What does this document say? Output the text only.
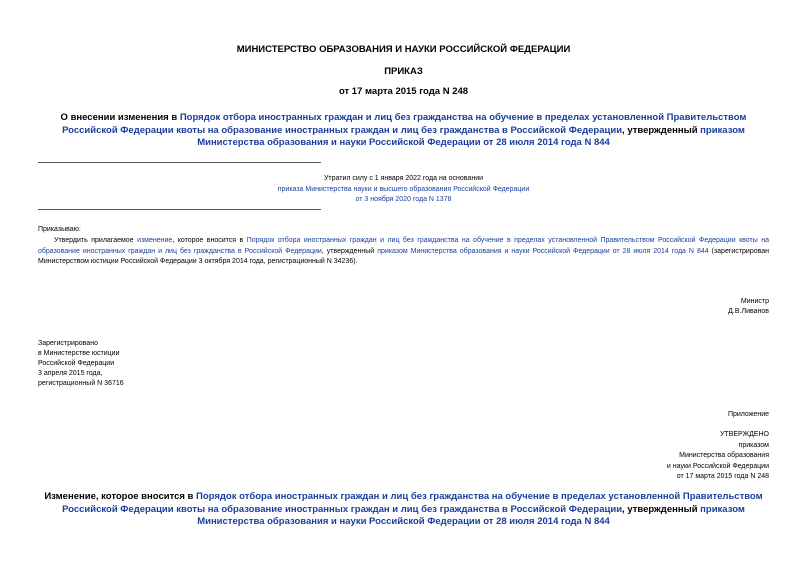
МИНИСТЕРСТВО ОБРАЗОВАНИЯ И НАУКИ РОССИЙСКОЙ ФЕДЕРАЦИИ
ПРИКАЗ
от 17 марта 2015 года N 248
О внесении изменения в Порядок отбора иностранных граждан и лиц без гражданства на обучение в пределах установленной Правительством Российской Федерации квоты на образование иностранных граждан и лиц без гражданства в Российской Федерации, утвержденный приказом Министерства образования и науки Российской Федерации от 28 июля 2014 года N 844
Утратил силу с 1 января 2022 года на основании
приказа Министерства науки и высшего образования Российской Федерации
от 3 ноября 2020 года N 1378
Приказываю:
Утвердить прилагаемое изменение, которое вносится в Порядок отбора иностранных граждан и лиц без гражданства на обучение в пределах установленной Правительством Российской Федерации квоты на образование иностранных граждан и лиц без гражданства в Российской Федерации, утвержденный приказом Министерства образования и науки Российской Федерации от 28 июля 2014 года N 844 (зарегистрирован Министерством юстиции Российской Федерации 3 октября 2014 года, регистрационный N 34236).
Министр
Д.В.Ливанов
Зарегистрировано
в Министерстве юстиции
Российской Федерации
3 апреля 2015 года,
регистрационный N 36716
Приложение
УТВЕРЖДЕНО
приказом
Министерства образования
и науки Российской Федерации
от 17 марта 2015 года N 248
Изменение, которое вносится в Порядок отбора иностранных граждан и лиц без гражданства на обучение в пределах установленной Правительством Российской Федерации квоты на образование иностранных граждан и лиц без гражданства в Российской Федерации, утвержденный приказом Министерства образования и науки Российской Федерации от 28 июля 2014 года N 844
